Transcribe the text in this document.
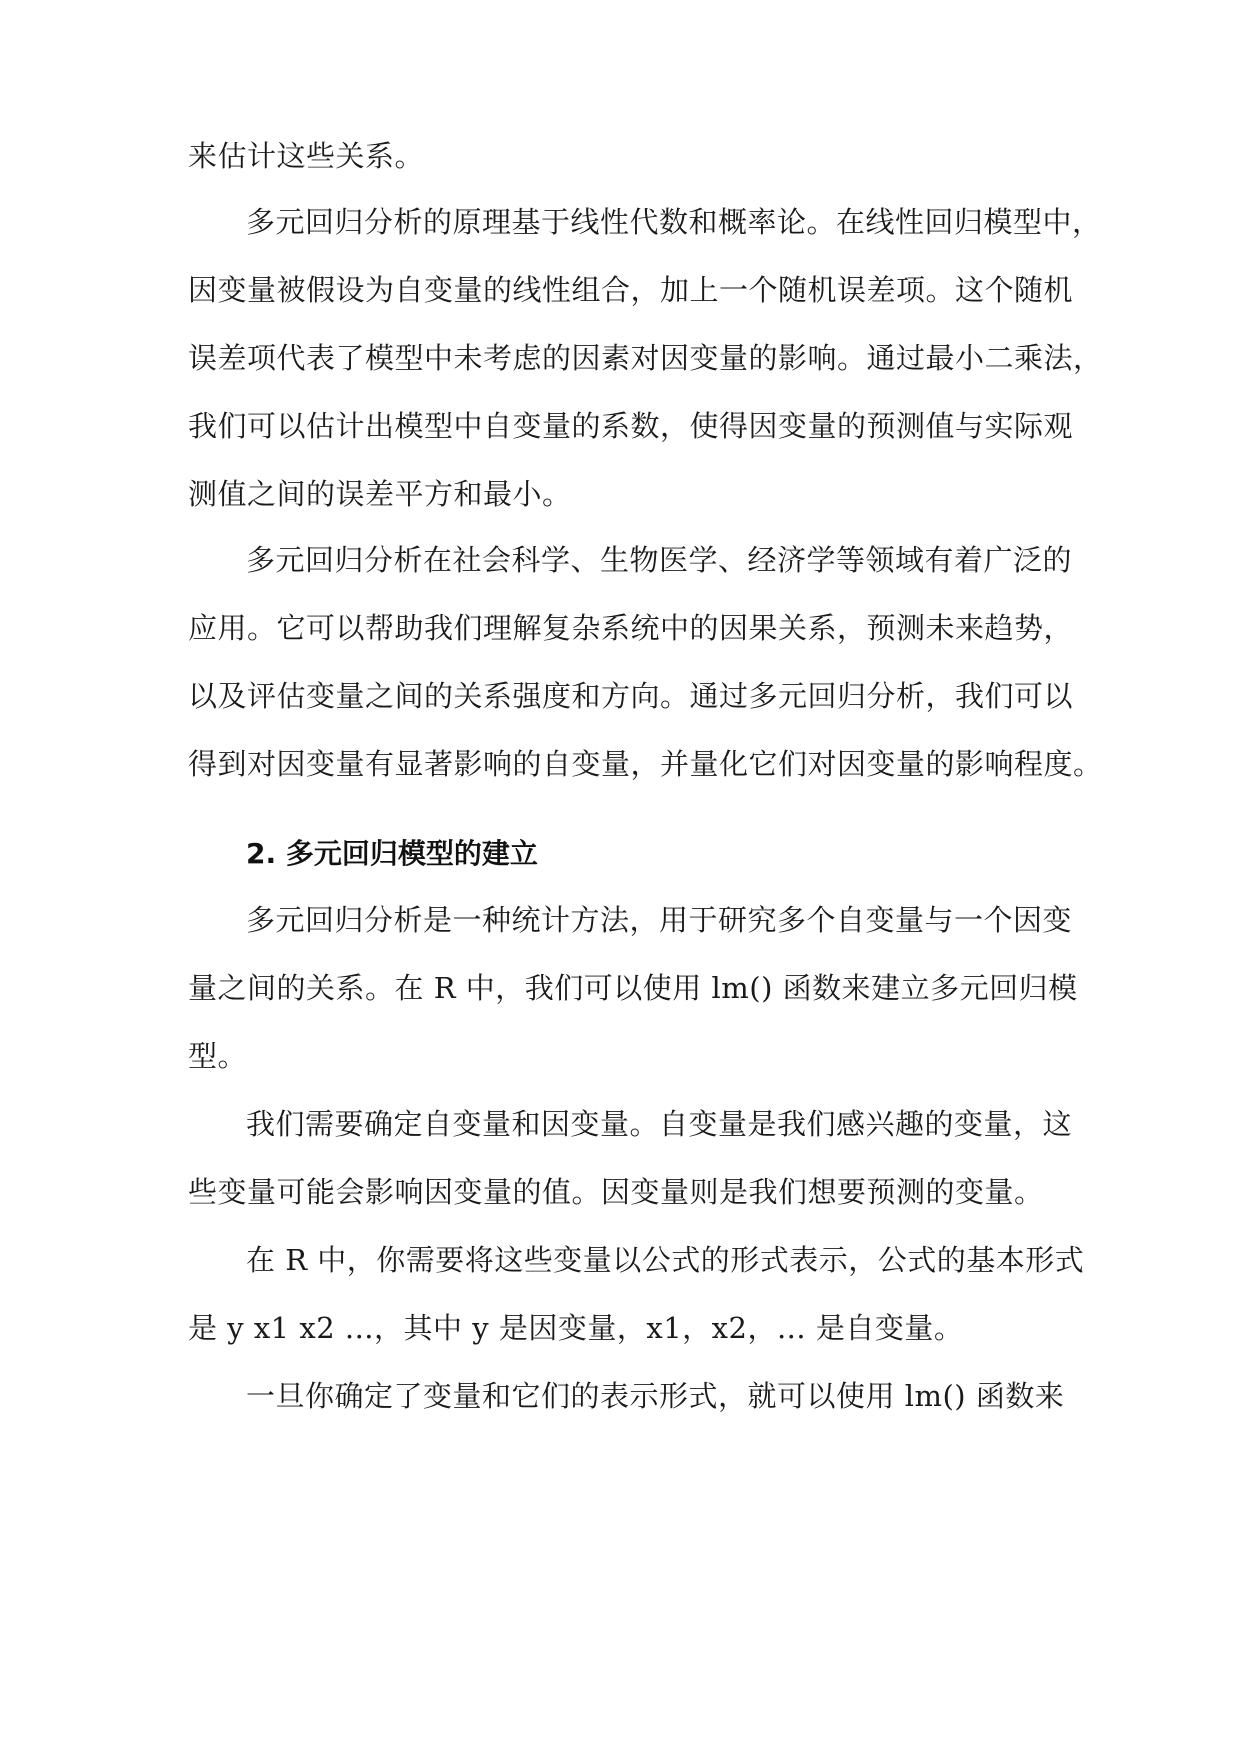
来估计这些关系。
多元回归分析的原理基于线性代数和概率论。在线性回归模型中，
因变量被假设为自变量的线性组合，加上一个随机误差项。这个随机
误差项代表了模型中未考虑的因素对因变量的影响。通过最小二乘法，
我们可以估计出模型中自变量的系数，使得因变量的预测值与实际观
测值之间的误差平方和最小。
多元回归分析在社会科学、生物医学、经济学等领域有着广泛的
应用。它可以帮助我们理解复杂系统中的因果关系，预测未来趋势，
以及评估变量之间的关系强度和方向。通过多元回归分析，我们可以
得到对因变量有显著影响的自变量，并量化它们对因变量的影响程度。
2. 多元回归模型的建立
多元回归分析是一种统计方法，用于研究多个自变量与一个因变
量之间的关系。在 R 中，我们可以使用 lm() 函数来建立多元回归模
型。
我们需要确定自变量和因变量。自变量是我们感兴趣的变量，这
些变量可能会影响因变量的值。因变量则是我们想要预测的变量。
在 R 中，你需要将这些变量以公式的形式表示，公式的基本形式
是 y x1 x2 ...，其中 y 是因变量，x1，x2，... 是自变量。
一旦你确定了变量和它们的表示形式，就可以使用 lm() 函数来
